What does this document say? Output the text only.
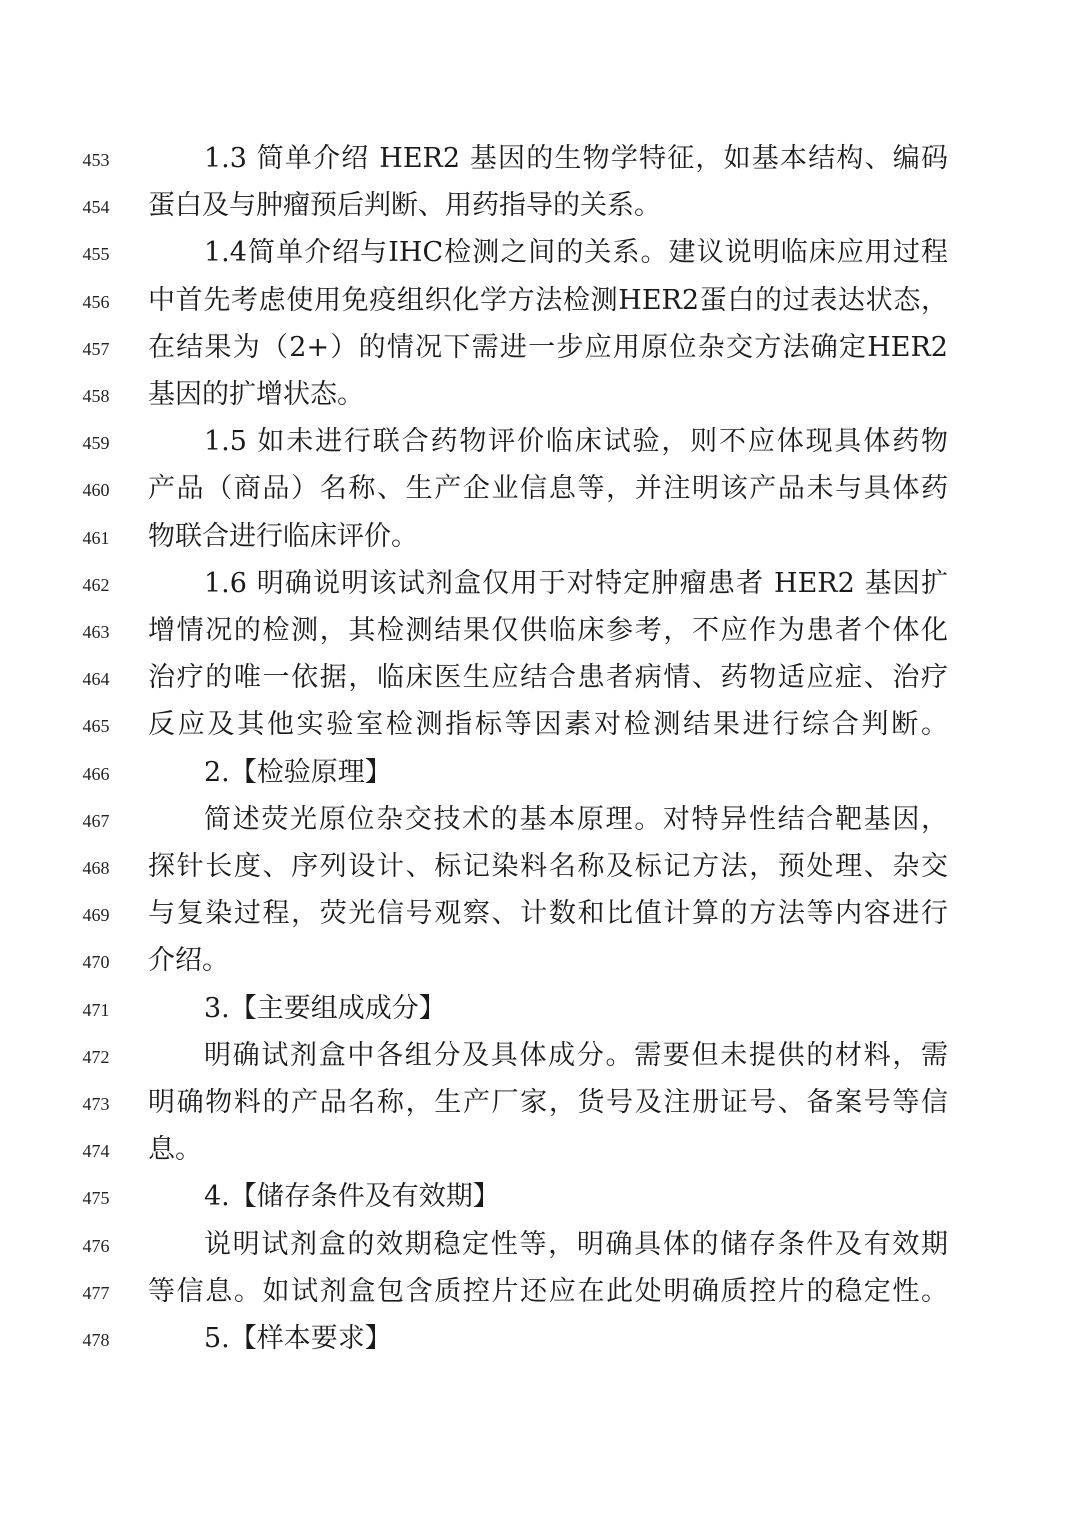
453	1.3 简单介绍 HER2 基因的生物学特征，如基本结构、编码
454	蛋白及与肿瘤预后判断、用药指导的关系。
455	1.4简单介绍与IHC检测之间的关系。建议说明临床应用过程
456	中首先考虑使用免疫组织化学方法检测HER2蛋白的过表达状态，
457	在结果为（2+）的情况下需进一步应用原位杂交方法确定HER2
458	基因的扩增状态。
459	1.5 如未进行联合药物评价临床试验，则不应体现具体药物
460	产品（商品）名称、生产企业信息等，并注明该产品未与具体药
461	物联合进行临床评价。
462	1.6 明确说明该试剂盒仅用于对特定肿瘤患者 HER2 基因扩
463	增情况的检测，其检测结果仅供临床参考，不应作为患者个体化
464	治疗的唯一依据，临床医生应结合患者病情、药物适应症、治疗
465	反应及其他实验室检测指标等因素对检测结果进行综合判断。
466	2.【检验原理】
467	简述荧光原位杂交技术的基本原理。对特异性结合靶基因，
468	探针长度、序列设计、标记染料名称及标记方法，预处理、杂交
469	与复染过程，荧光信号观察、计数和比值计算的方法等内容进行
470	介绍。
471	3.【主要组成成分】
472	明确试剂盒中各组分及具体成分。需要但未提供的材料，需
473	明确物料的产品名称，生产厂家，货号及注册证号、备案号等信
474	息。
475	4.【储存条件及有效期】
476	说明试剂盒的效期稳定性等，明确具体的储存条件及有效期
477	等信息。如试剂盒包含质控片还应在此处明确质控片的稳定性。
478	5.【样本要求】
